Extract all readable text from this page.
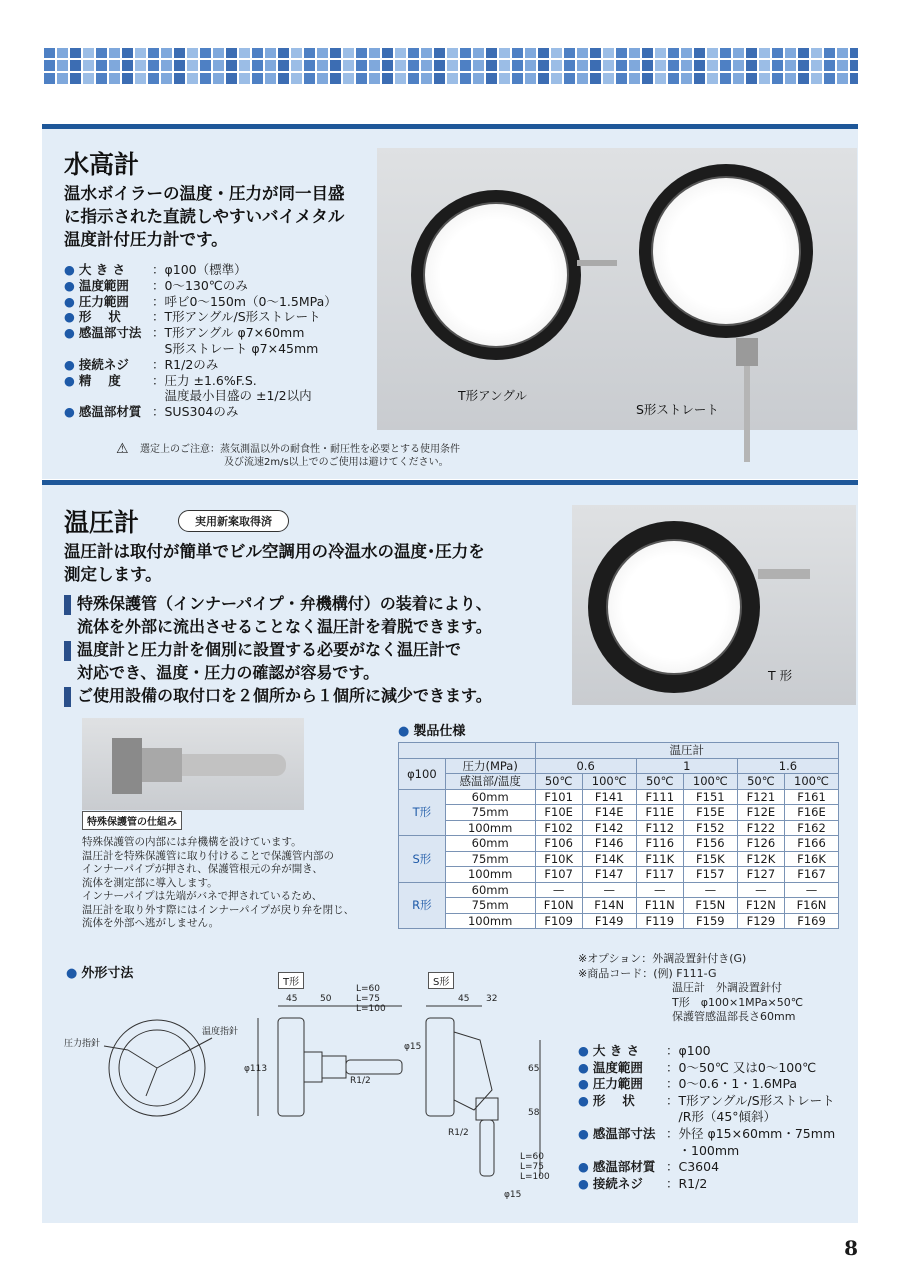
水高計
温水ボイラーの温度・圧力が同一目盛
に指示された直読しやすいバイメタル
温度計付圧力計です。
● 大 き さ	：φ100（標準）
● 温度範囲	：0～130℃のみ
● 圧力範囲	：呼ビ0～150m（0～1.5MPa）
● 形　 状	：T形アングル/S形ストレート
● 感温部寸法 ：T形アングル φ7×60mm
　S形ストレート φ7×45mm
● 接続ネジ	：R1/2のみ
● 精　 度	：圧力 ±1.6%F.S.
　温度最小目盛の ±1/2以内
● 感温部材質 ：SUS304のみ
T形アングル
S形ストレート
⚠	選定上のご注意：蒸気測温以外の耐食性・耐圧性を必要とする使用条件
及び流速2m/s以上でのご使用は避けてください。
温圧計	実用新案取得済
温圧計は取付が簡単でビル空調用の冷温水の温度･圧力を
測定します。
特殊保護管（インナーパイプ・弁機構付）の装着により、
流体を外部に流出させることなく温圧計を着脱できます。
温度計と圧力計を個別に設置する必要がなく温圧計で
対応でき、温度・圧力の確認が容易です。
ご使用設備の取付口を２個所から１個所に減少できます。
T 形
特殊保護管の仕組み
特殊保護管の内部には弁機構を設けています。
温圧計を特殊保護管に取り付けることで保護管内部の
インナーパイプが押され、保護管根元の弁が開き、
流体を測定部に導入します。
インナーパイプは先端がバネで押されているため、
温圧計を取り外す際にはインナーパイプが戻り弁を閉じ、
流体を外部へ逃がしません。
● 製品仕様
		温圧計					
φ100	圧力(MPa)	0.6		1		1.6	
	感温部/温度	50℃	100℃	50℃	100℃	50℃	100℃
T形	60mm	F101	F141	F111	F151	F121	F161
	75mm	F10E	F14E	F11E	F15E	F12E	F16E
	100mm	F102	F142	F112	F152	F122	F162
S形	60mm	F106	F146	F116	F156	F126	F166
	75mm	F10K	F14K	F11K	F15K	F12K	F16K
	100mm	F107	F147	F117	F157	F127	F167
R形	60mm	—	—	—	—	—	—
	75mm	F10N	F14N	F11N	F15N	F12N	F16N
	100mm	F109	F149	F119	F159	F129	F169
※オプション：外調設置針付き(G)
※商品コード：(例) F111-G
温圧計　外調設置針付
T形　φ100×1MPa×50℃
保護管感温部長さ60mm
● 外形寸法
T形	S形
45	50
L=60
L=75
L=100
φ113
φ15
R1/2
45 32
65
58
R1/2
L=60
L=75
L=100
φ15
圧力指針
温度指針
● 大 き さ	：φ100
● 温度範囲	：0～50℃ 又は0～100℃
● 圧力範囲	：0～0.6・1・1.6MPa
● 形　 状	：T形アングル/S形ストレート
　/R形（45°傾斜）
● 感温部寸法 ：外径 φ15×60mm・75mm
　・100mm
● 感温部材質 ：C3604
● 接続ネジ	：R1/2
8
